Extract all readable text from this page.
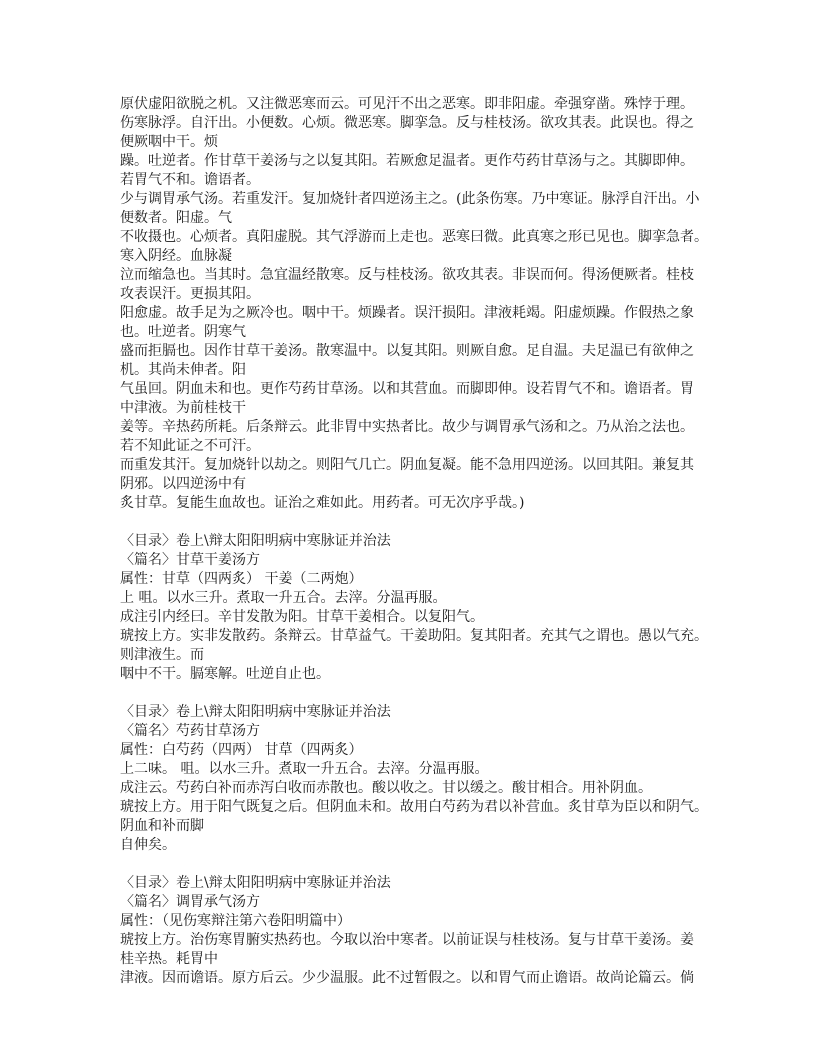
原伏虚阳欲脱之机。又注微恶寒而云。可见汗不出之恶寒。即非阳虚。牵强穿凿。殊悖于理。
伤寒脉浮。自汗出。小便数。心烦。微恶寒。脚挛急。反与桂枝汤。欲攻其表。此误也。得之
便厥咽中干。烦
躁。吐逆者。作甘草干姜汤与之以复其阳。若厥愈足温者。更作芍药甘草汤与之。其脚即伸。
若胃气不和。谵语者。
少与调胃承气汤。若重发汗。复加烧针者四逆汤主之。(此条伤寒。乃中寒证。脉浮自汗出。小
便数者。阳虚。气
不收摄也。心烦者。真阳虚脱。其气浮游而上走也。恶寒曰微。此真寒之形已见也。脚挛急者。
寒入阴经。血脉凝
泣而缩急也。当其时。急宜温经散寒。反与桂枝汤。欲攻其表。非误而何。得汤便厥者。桂枝
攻表误汗。更损其阳。
阳愈虚。故手足为之厥冷也。咽中干。烦躁者。误汗损阳。津液耗竭。阳虚烦躁。作假热之象
也。吐逆者。阴寒气
盛而拒膈也。因作甘草干姜汤。散寒温中。以复其阳。则厥自愈。足自温。夫足温已有欲伸之
机。其尚未伸者。阳
气虽回。阴血未和也。更作芍药甘草汤。以和其营血。而脚即伸。设若胃气不和。谵语者。胃
中津液。为前桂枝干
姜等。辛热药所耗。后条辩云。此非胃中实热者比。故少与调胃承气汤和之。乃从治之法也。
若不知此证之不可汗。
而重发其汗。复加烧针以劫之。则阳气几亡。阴血复凝。能不急用四逆汤。以回其阳。兼复其
阴邪。以四逆汤中有
炙甘草。复能生血故也。证治之难如此。用药者。可无次序乎哉。)
〈目录〉卷上\辩太阳阳明病中寒脉证并治法
〈篇名〉甘草干姜汤方
属性：甘草（四两炙） 干姜（二两炮）
上 咀。以水三升。煮取一升五合。去滓。分温再服。
成注引内经曰。辛甘发散为阳。甘草干姜相合。以复阳气。
琥按上方。实非发散药。条辩云。甘草益气。干姜助阳。复其阳者。充其气之谓也。愚以气充。
则津液生。而
咽中不干。膈寒解。吐逆自止也。
〈目录〉卷上\辩太阳阳明病中寒脉证并治法
〈篇名〉芍药甘草汤方
属性：白芍药（四两） 甘草（四两炙）
上二味。 咀。以水三升。煮取一升五合。去滓。分温再服。
成注云。芍药白补而赤泻白收而赤散也。酸以收之。甘以缓之。酸甘相合。用补阴血。
琥按上方。用于阳气既复之后。但阴血未和。故用白芍药为君以补营血。炙甘草为臣以和阴气。
阴血和补而脚
自伸矣。
〈目录〉卷上\辩太阳阳明病中寒脉证并治法
〈篇名〉调胃承气汤方
属性：（见伤寒辩注第六卷阳明篇中）
琥按上方。治伤寒胃腑实热药也。今取以治中寒者。以前证误与桂枝汤。复与甘草干姜汤。姜
桂辛热。耗胃中
津液。因而谵语。原方后云。少少温服。此不过暂假之。以和胃气而止谵语。故尚论篇云。倘
